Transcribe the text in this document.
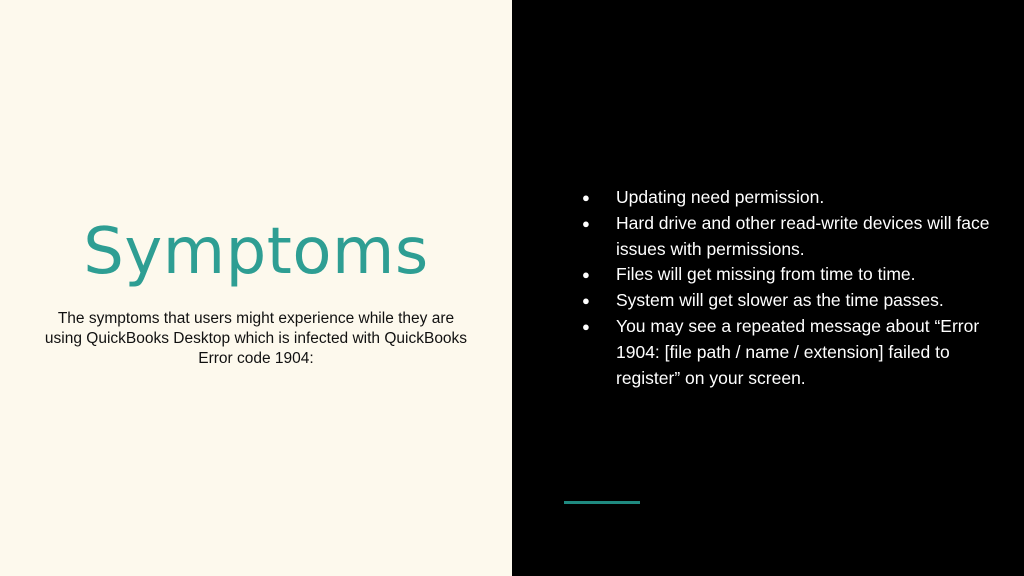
Symptoms
The symptoms that users might experience while they are using QuickBooks Desktop which is infected with QuickBooks Error code 1904:
●	Updating need permission.
●	Hard drive and other read-write devices will face issues with permissions.
●	Files will get missing from time to time.
●	System will get slower as the time passes.
●	You may see a repeated message about “Error 1904: [file path / name / extension] failed to register” on your screen.
